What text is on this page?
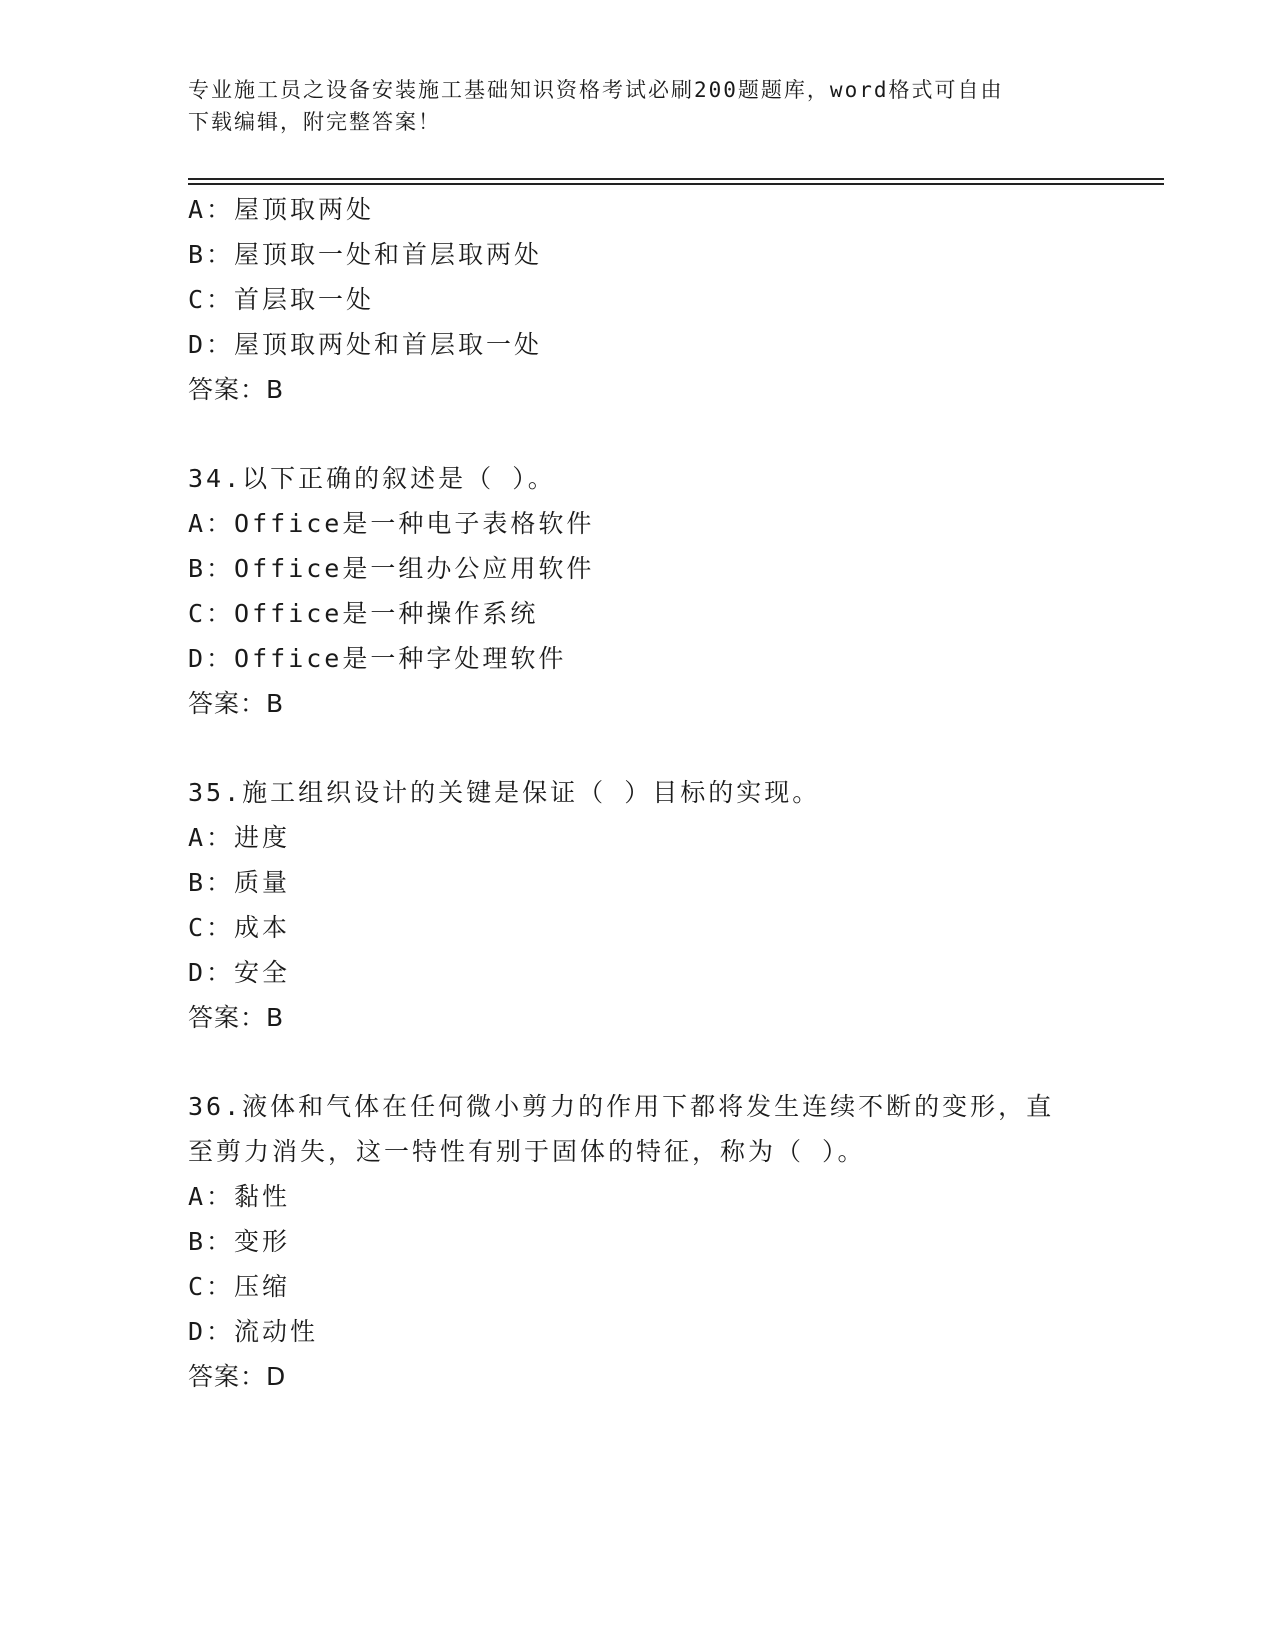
专业施工员之设备安装施工基础知识资格考试必刷200题题库，word格式可自由
下载编辑，附完整答案！
A：屋顶取两处
B：屋顶取一处和首层取两处
C：首层取一处
D：屋顶取两处和首层取一处
答案：B
34.以下正确的叙述是（ ）。
A：Office是一种电子表格软件
B：Office是一组办公应用软件
C：Office是一种操作系统
D：Office是一种字处理软件
答案：B
35.施工组织设计的关键是保证（ ）目标的实现。
A：进度
B：质量
C：成本
D：安全
答案：B
36.液体和气体在任何微小剪力的作用下都将发生连续不断的变形，直
至剪力消失，这一特性有别于固体的特征，称为（ ）。
A：黏性
B：变形
C：压缩
D：流动性
答案：D
